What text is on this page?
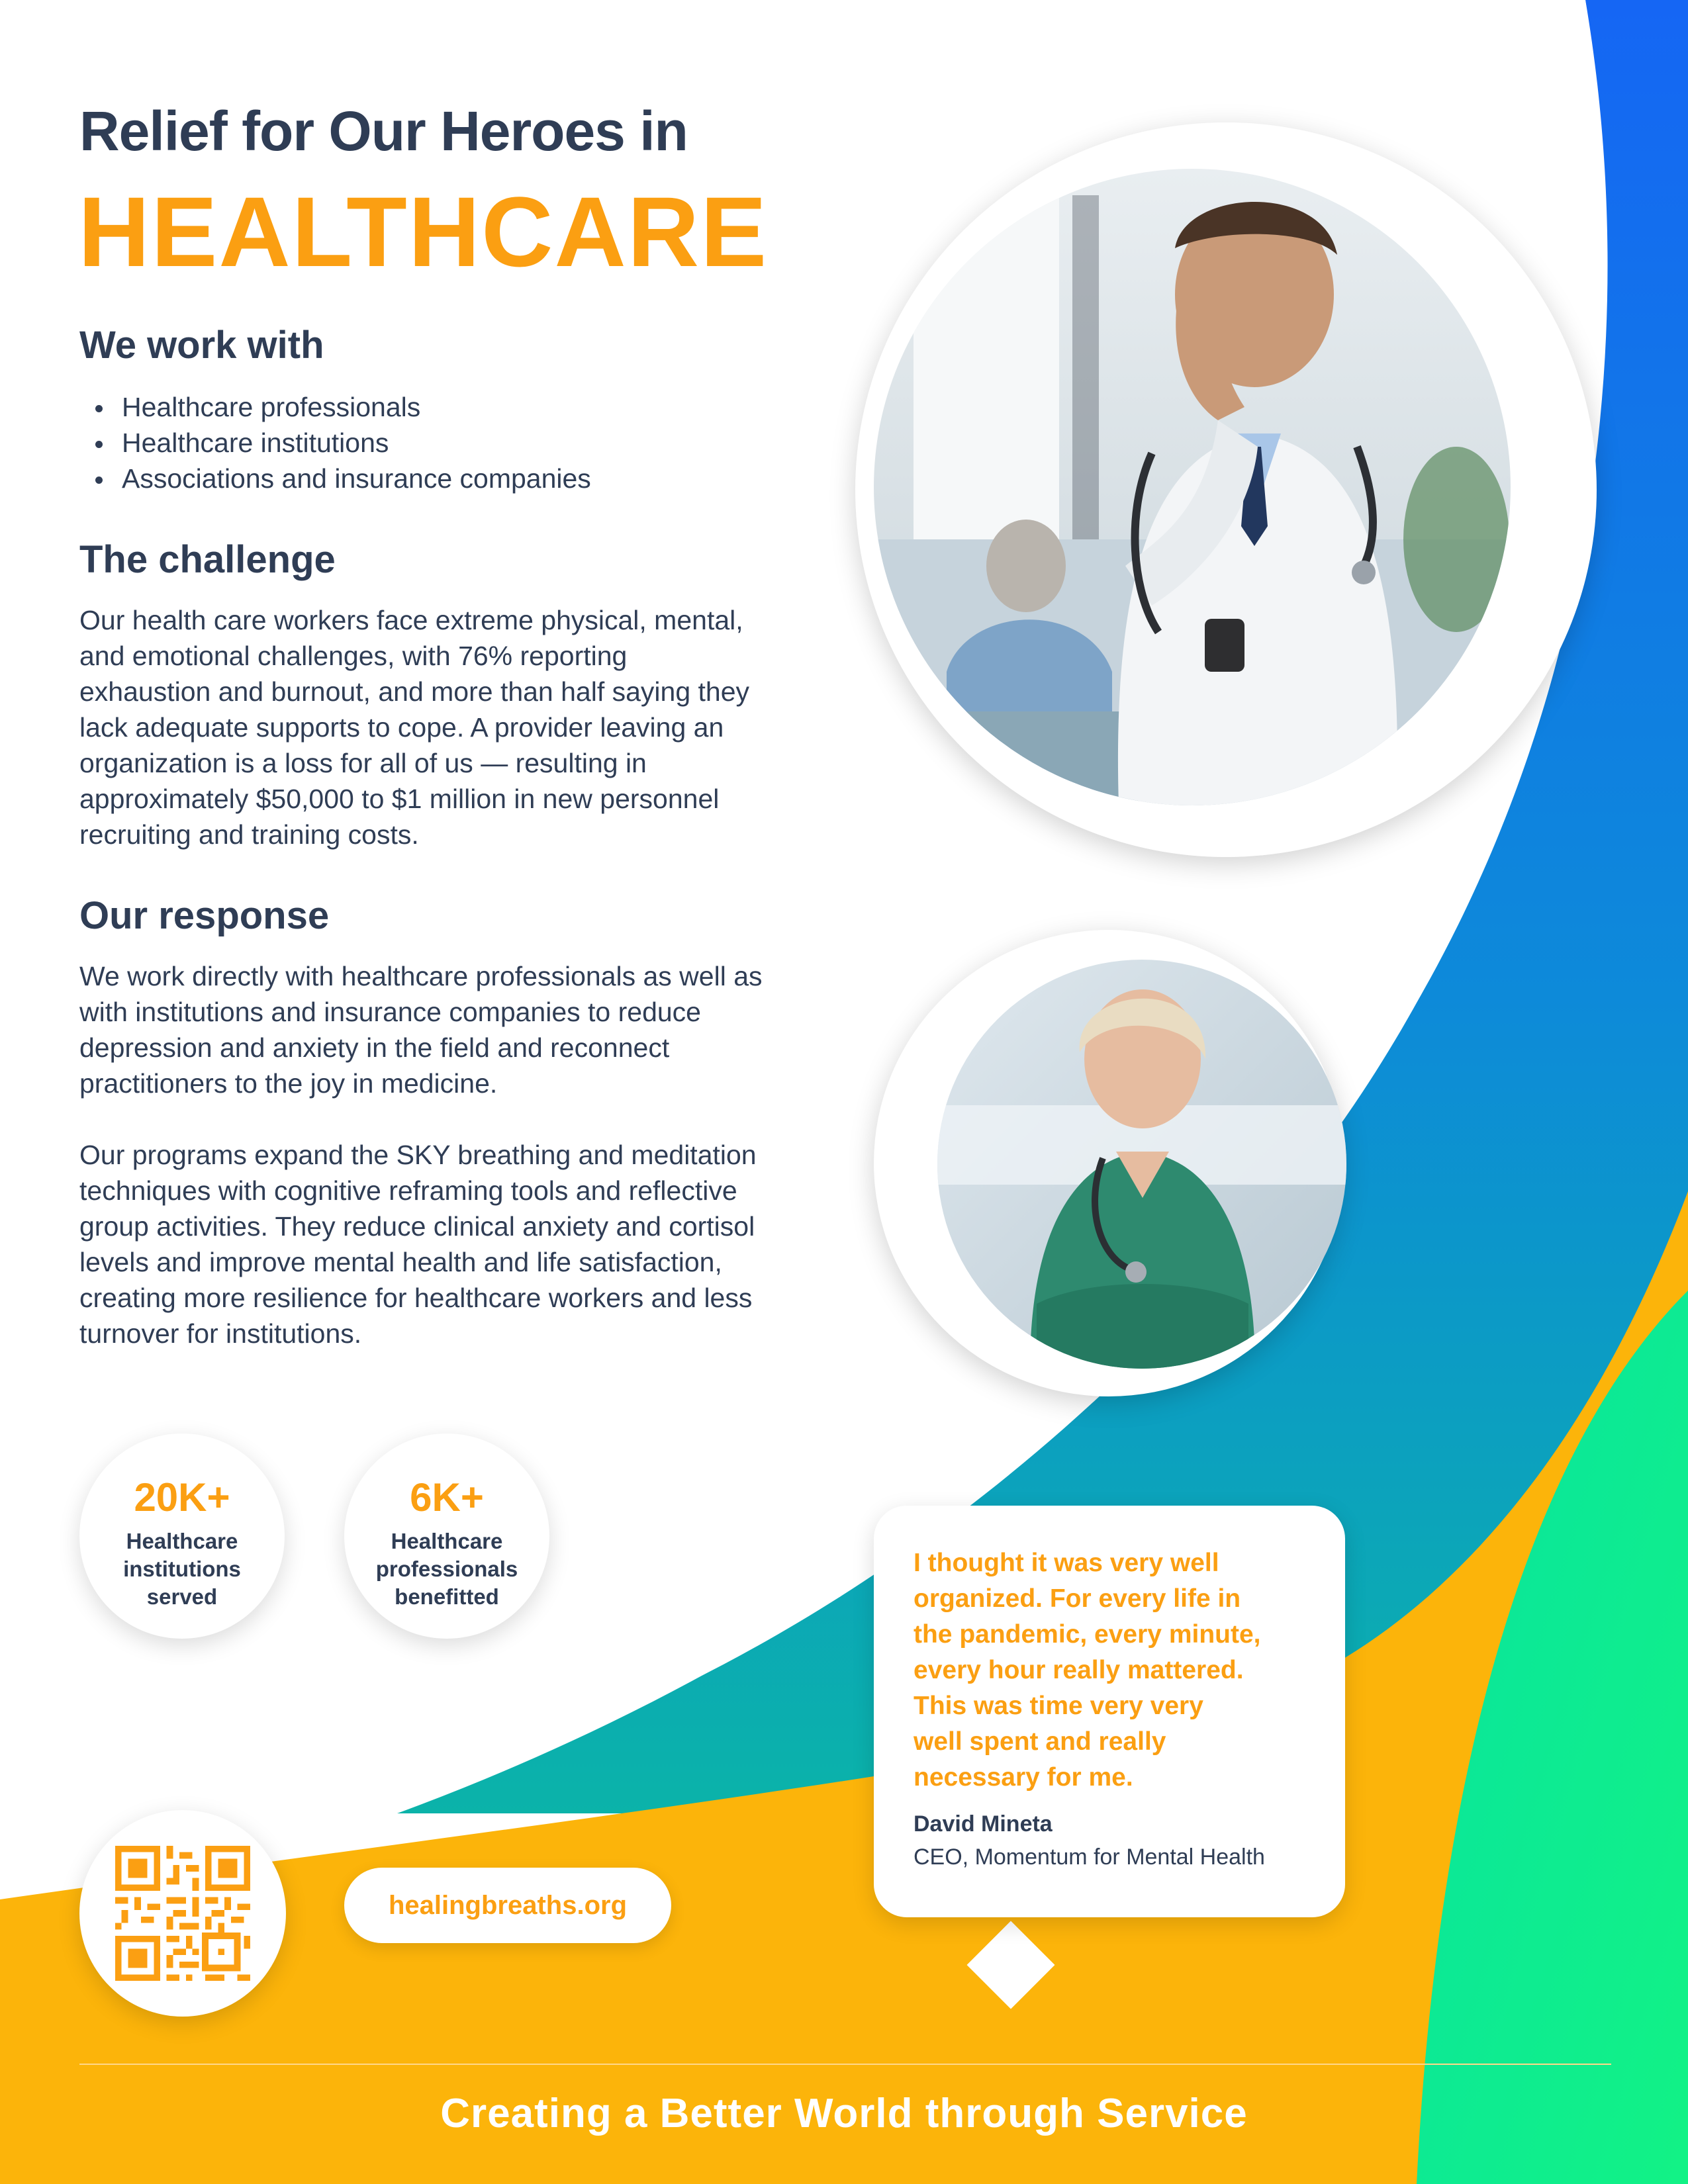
Relief for Our Heroes in
HEALTHCARE
We work with
Healthcare professionals
Healthcare institutions
Associations and insurance companies
The challenge

Our health care workers face extreme physical, mental,
and emotional challenges, with 76% reporting
exhaustion and burnout, and more than half saying they
lack adequate supports to cope. A provider leaving an
organization is a loss for all of us — resulting in
approximately $50,000 to $1 million in new personnel
recruiting and training costs.

Our response

We work directly with healthcare professionals as well as
with institutions and insurance companies to reduce
depression and anxiety in the field and reconnect
practitioners to the joy in medicine.

Our programs expand the SKY breathing and meditation
techniques with cognitive reframing tools and reflective
group activities. They reduce clinical anxiety and cortisol
levels and improve mental health and life satisfaction,
creating more resilience for healthcare workers and less
turnover for institutions.

20K+
Healthcare
institutions
served
6K+
Healthcare
professionals
benefitted
healingbreaths.org

I thought it was very well
organized. For every life in
the pandemic, every minute,
every hour really mattered.
This was time very very
well spent and really
necessary for me.

David Mineta
CEO, Momentum for Mental Health
Creating a Better World through Service
